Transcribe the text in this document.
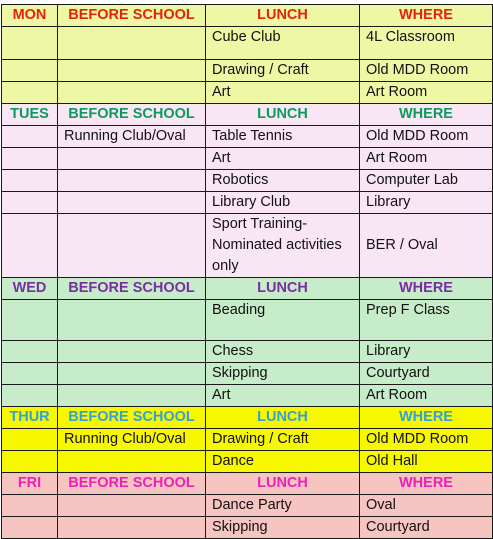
MON	BEFORE SCHOOL	LUNCH	WHERE
		Cube Club	4L Classroom
		Drawing / Craft	Old MDD Room
		Art	Art Room
TUES	BEFORE SCHOOL	LUNCH	WHERE
	Running Club/Oval	Table Tennis	Old MDD Room
		Art	Art Room
		Robotics	Computer Lab
		Library Club	Library
		Sport Training- Nominated activities only	BER / Oval
WED	BEFORE SCHOOL	LUNCH	WHERE
		Beading	Prep F Class
		Chess	Library
		Skipping	Courtyard
		Art	Art Room
THUR	BEFORE SCHOOL	LUNCH	WHERE
	Running Club/Oval	Drawing / Craft	Old MDD Room
		Dance	Old Hall
FRI	BEFORE SCHOOL	LUNCH	WHERE
		Dance Party	Oval
		Skipping	Courtyard
